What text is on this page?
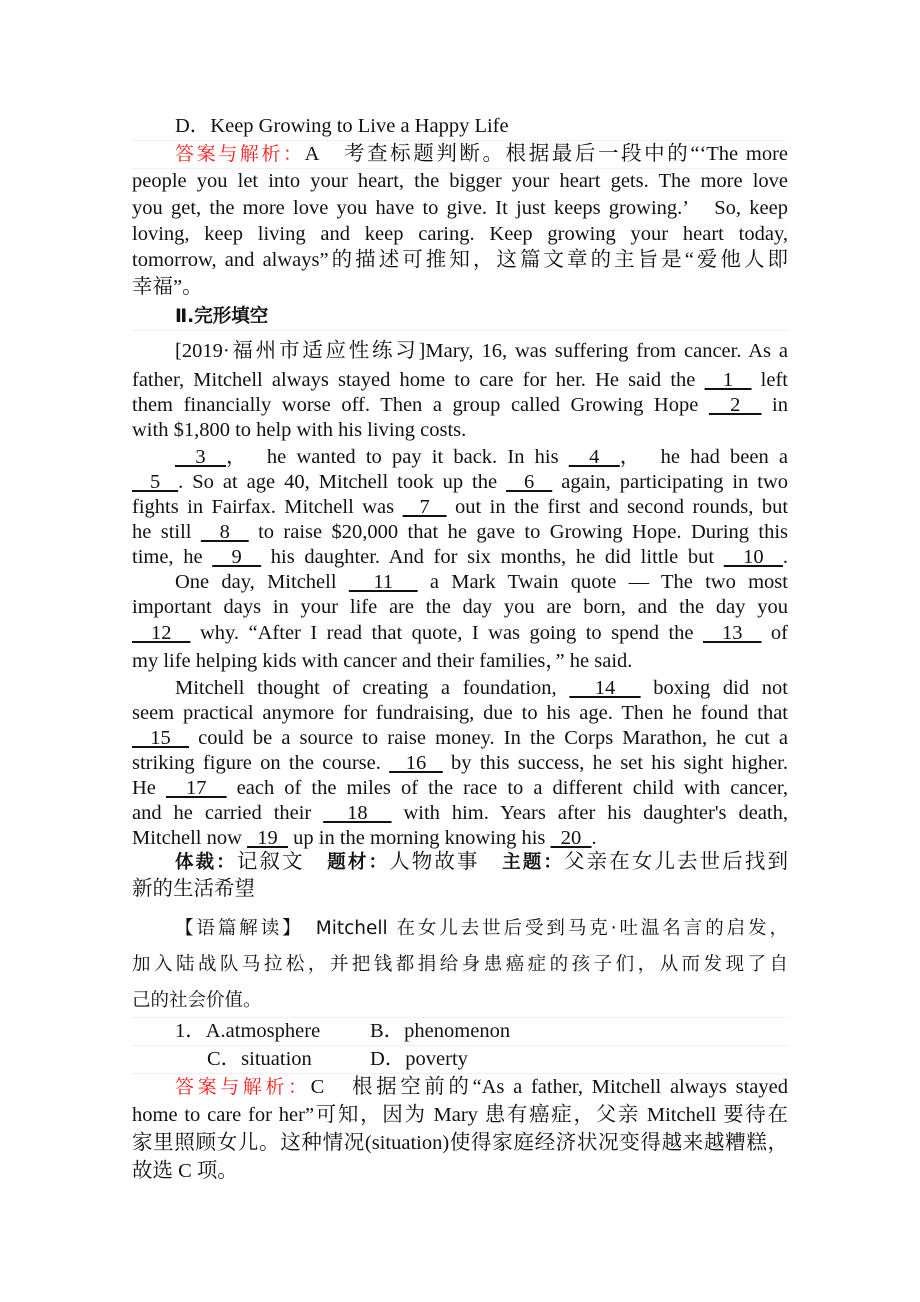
D．Keep Growing to Live a Happy Life
答案与解析：A　考查标题判断。根据最后一段中的“‘The more
people you let into your heart, the bigger your heart gets. The more love
you get, the more love you have to give. It just keeps growing.’　So, keep
loving, keep living and keep caring. Keep growing your heart today,
tomorrow, and always”的描述可推知，这篇文章的主旨是“爱他人即
幸福”。
Ⅱ.完形填空
[2019·福州市适应性练习]Mary, 16, was suffering from cancer. As a
father, Mitchell always stayed home to care for her. He said the   1   left
them financially worse off. Then a group called Growing Hope   2   in
with $1,800 to help with his living costs.
3  ，　he wanted to pay it back. In his   4  ，　he had been a
5  . So at age 40, Mitchell took up the   6   again, participating in two
fights in Fairfax. Mitchell was   7   out in the first and second rounds, but
he still   8   to raise $20,000 that he gave to Growing Hope. During this
time, he   9   his daughter. And for six months, he did little but   10  .
One day, Mitchell   11   a Mark Twain quote — The two most
important days in your life are the day you are born, and the day you
12   why. “After I read that quote, I was going to spend the   13   of
my life helping kids with cancer and their families，” he said.
Mitchell thought of creating a foundation,   14   boxing did not
seem practical anymore for fundraising, due to his age. Then he found that
15   could be a source to raise money. In the Corps Marathon, he cut a
striking figure on the course.   16   by this success, he set his sight higher.
He   17   each of the miles of the race to a different child with cancer,
and he carried their   18   with him. Years after his daughter's death,
Mitchell now   19   up in the morning knowing his   20  .
体裁：记叙文　题材：人物故事　主题：父亲在女儿去世后找到
新的生活希望
【语篇解读】　Mitchell 在女儿去世后受到马克·吐温名言的启发，
加入陆战队马拉松，并把钱都捐给身患癌症的孩子们，从而发现了自
己的社会价值。
1．A.atmosphere B．phenomenon
C．situation	D．poverty
答案与解析：C　根据空前的“As a father, Mitchell always stayed
home to care for her”可知，因为 Mary 患有癌症，父亲 Mitchell 要待在
家里照顾女儿。这种情况(situation)使得家庭经济状况变得越来越糟糕，
故选 C 项。
